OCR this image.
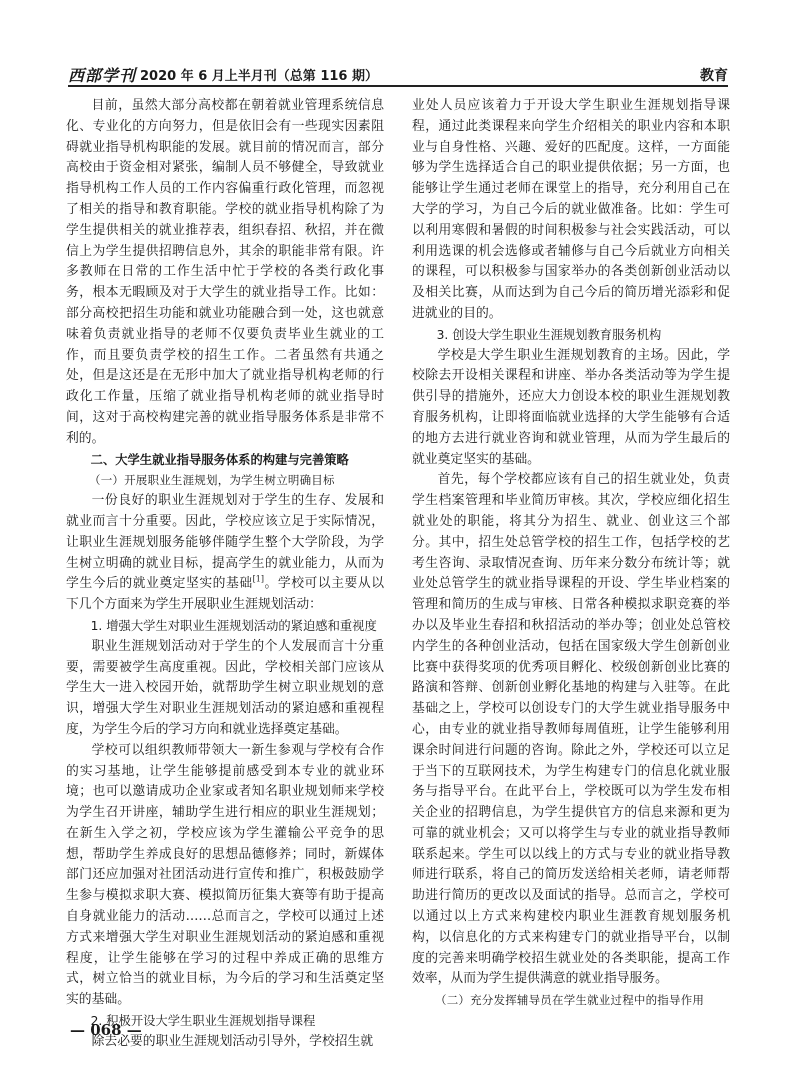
西部学刊 2020 年 6 月上半月刊（总第 116 期）	教育

目前，虽然大部分高校都在朝着就业管理系统信息化、专业化的方向努力，但是依旧会有一些现实因素阻碍就业指导机构职能的发展。就目前的情况而言，部分高校由于资金相对紧张，编制人员不够健全，导致就业指导机构工作人员的工作内容偏重行政化管理，而忽视了相关的指导和教育职能。学校的就业指导机构除了为学生提供相关的就业推荐表，组织春招、秋招，并在微信上为学生提供招聘信息外，其余的职能非常有限。许多教师在日常的工作生活中忙于学校的各类行政化事务，根本无暇顾及对于大学生的就业指导工作。比如：部分高校把招生功能和就业功能融合到一处，这也就意味着负责就业指导的老师不仅要负责毕业生就业的工作，而且要负责学校的招生工作。二者虽然有共通之处，但是这还是在无形中加大了就业指导机构老师的行政化工作量，压缩了就业指导机构老师的就业指导时间，这对于高校构建完善的就业指导服务体系是非常不利的。

二、大学生就业指导服务体系的构建与完善策略

（一）开展职业生涯规划，为学生树立明确目标

一份良好的职业生涯规划对于学生的生存、发展和就业而言十分重要。因此，学校应该立足于实际情况，让职业生涯规划服务能够伴随学生整个大学阶段，为学生树立明确的就业目标，提高学生的就业能力，从而为学生今后的就业奠定坚实的基础[1]。学校可以主要从以下几个方面来为学生开展职业生涯规划活动：

1. 增强大学生对职业生涯规划活动的紧迫感和重视度

职业生涯规划活动对于学生的个人发展而言十分重要，需要被学生高度重视。因此，学校相关部门应该从学生大一进入校园开始，就帮助学生树立职业规划的意识，增强大学生对职业生涯规划活动的紧迫感和重视程度，为学生今后的学习方向和就业选择奠定基础。

学校可以组织教师带领大一新生参观与学校有合作的实习基地，让学生能够提前感受到本专业的就业环境；也可以邀请成功企业家或者知名职业规划师来学校为学生召开讲座，辅助学生进行相应的职业生涯规划；在新生入学之初，学校应该为学生灌输公平竞争的思想，帮助学生养成良好的思想品德修养；同时，新媒体部门还应加强对社团活动进行宣传和推广，积极鼓励学生参与模拟求职大赛、模拟简历征集大赛等有助于提高自身就业能力的活动……总而言之，学校可以通过上述方式来增强大学生对职业生涯规划活动的紧迫感和重视程度，让学生能够在学习的过程中养成正确的思维方式，树立恰当的就业目标，为今后的学习和生活奠定坚实的基础。

2. 积极开设大学生职业生涯规划指导课程

除去必要的职业生涯规划活动引导外，学校招生就

业处人员应该着力于开设大学生职业生涯规划指导课程，通过此类课程来向学生介绍相关的职业内容和本职业与自身性格、兴趣、爱好的匹配度。这样，一方面能够为学生选择适合自己的职业提供依据；另一方面，也能够让学生通过老师在课堂上的指导，充分利用自己在大学的学习，为自己今后的就业做准备。比如：学生可以利用寒假和暑假的时间积极参与社会实践活动，可以利用选课的机会选修或者辅修与自己今后就业方向相关的课程，可以积极参与国家举办的各类创新创业活动以及相关比赛，从而达到为自己今后的简历增光添彩和促进就业的目的。

3. 创设大学生职业生涯规划教育服务机构

学校是大学生职业生涯规划教育的主场。因此，学校除去开设相关课程和讲座、举办各类活动等为学生提供引导的措施外，还应大力创设本校的职业生涯规划教育服务机构，让即将面临就业选择的大学生能够有合适的地方去进行就业咨询和就业管理，从而为学生最后的就业奠定坚实的基础。

首先，每个学校都应该有自己的招生就业处，负责学生档案管理和毕业简历审核。其次，学校应细化招生就业处的职能，将其分为招生、就业、创业这三个部分。其中，招生处总管学校的招生工作，包括学校的艺考生咨询、录取情况查询、历年来分数分布统计等；就业处总管学生的就业指导课程的开设、学生毕业档案的管理和简历的生成与审核、日常各种模拟求职竞赛的举办以及毕业生春招和秋招活动的举办等；创业处总管校内学生的各种创业活动，包括在国家级大学生创新创业比赛中获得奖项的优秀项目孵化、校级创新创业比赛的路演和答辩、创新创业孵化基地的构建与入驻等。在此基础之上，学校可以创设专门的大学生就业指导服务中心，由专业的就业指导教师每周值班，让学生能够利用课余时间进行问题的咨询。除此之外，学校还可以立足于当下的互联网技术，为学生构建专门的信息化就业服务与指导平台。在此平台上，学校既可以为学生发布相关企业的招聘信息，为学生提供官方的信息来源和更为可靠的就业机会；又可以将学生与专业的就业指导教师联系起来。学生可以以线上的方式与专业的就业指导教师进行联系，将自己的简历发送给相关老师，请老师帮助进行简历的更改以及面试的指导。总而言之，学校可以通过以上方式来构建校内职业生涯教育规划服务机构，以信息化的方式来构建专门的就业指导平台，以制度的完善来明确学校招生就业处的各类职能，提高工作效率，从而为学生提供满意的就业指导服务。

（二）充分发挥辅导员在学生就业过程中的指导作用

— 068 —
